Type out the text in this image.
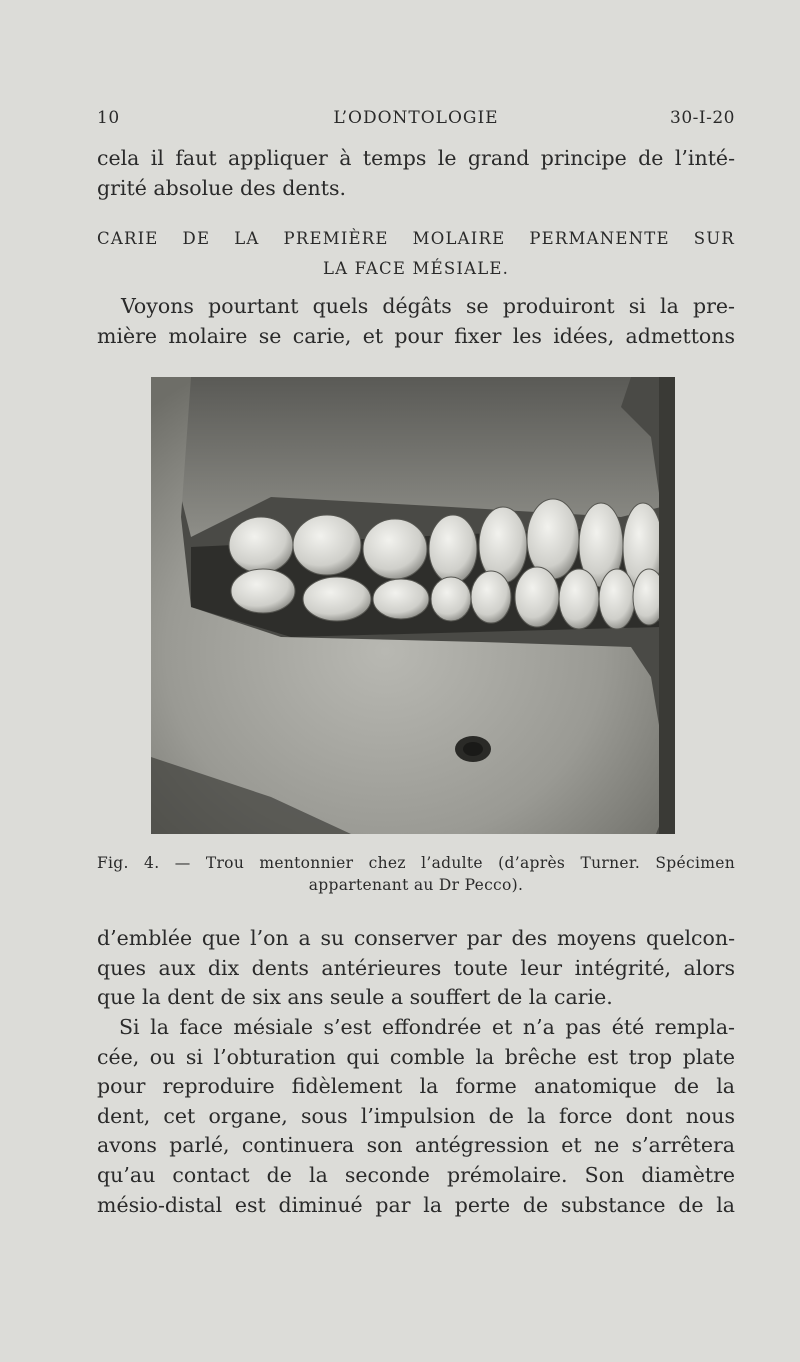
10	L’ODONTOLOGIE	30-I-20
cela il faut appliquer à temps le grand principe de l’inté-
grité absolue des dents.
CARIE DE LA PREMIÈRE MOLAIRE PERMANENTE SUR
LA FACE MÉSIALE.
Voyons pourtant quels dégâts se produiront si la pre-
mière molaire se carie, et pour fixer les idées, admettons
Fig. 4. — Trou mentonnier chez l’adulte (d’après Turner. Spécimen
appartenant au Dr Pecco).
d’emblée que l’on a su conserver par des moyens quelcon-
ques aux dix dents antérieures toute leur intégrité, alors
que la dent de six ans seule a souffert de la carie.
Si la face mésiale s’est effondrée et n’a pas été rempla-
cée, ou si l’obturation qui comble la brêche est trop plate
pour reproduire fidèlement la forme anatomique de la
dent, cet organe, sous l’impulsion de la force dont nous
avons parlé, continuera son antégression et ne s’arrêtera
qu’au contact de la seconde prémolaire. Son diamètre
mésio-distal est diminué par la perte de substance de la
